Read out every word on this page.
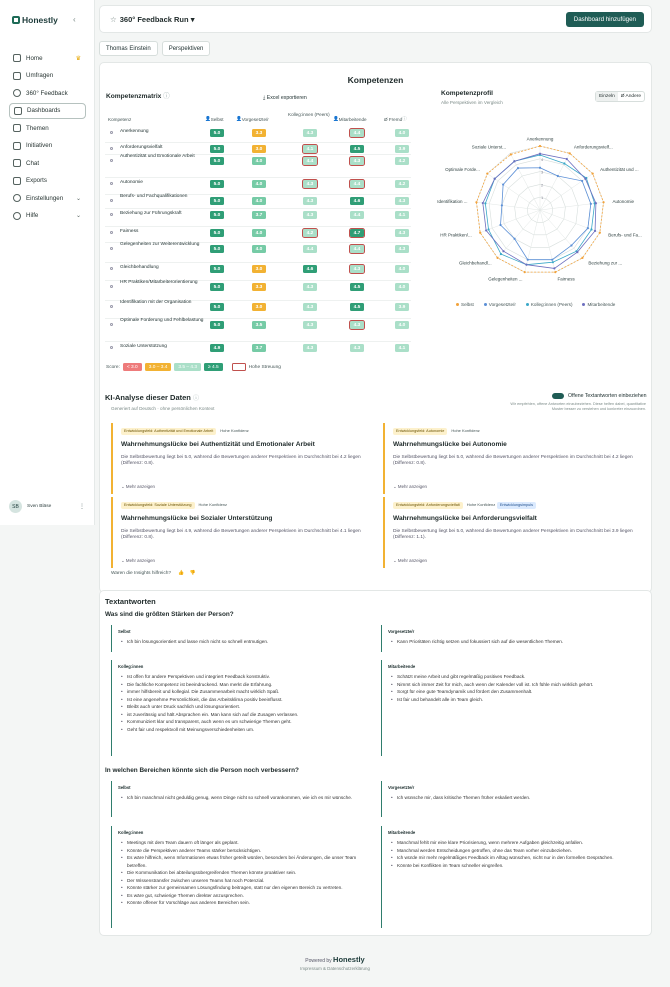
Honestly ‹
Home	♛
Umfragen
360° Feedback
Dashboards
Themen
Initiativen
Chat
Exports
Einstellungen ⌄
Hilfe	⌄
SB	Sven Bläse	⋮
☆ 360° Feedback Run ▾	Dashboard hinzufügen
Thomas Einstein	Perspektiven
Kompetenzen
Kompetenzmatrix ⓘ	⤓ Excel exportieren
Kompetenz	👤 Selbst	👤 Vorgesetzte/r
Kolleg:innen (Peers)
👤 Mitarbeitende	Ø Fremd ⓘ
Anerkennung	5.0	3.3	4.3	4.4	4.0
Anforderungsvielfalt	5.0	3.0	4.1	4.5	3.9
Authentizität und Emotionale Arbeit
5.0	4.0	4.4	4.3	4.2
Autonomie	5.0	4.0	4.3	4.4	4.2
Berufs- und Fachqualifikationen
5.0	4.0	4.3	4.6	4.3
Beziehung zur Führungskraft	5.0	3.7	4.3	4.4	4.1
Fairness	5.0	4.0	4.2	4.7	4.3
Gelegenheiten zur Weiterentwicklung
5.0	4.0	4.4	4.4	4.3
Gleichbehandlung	5.0	3.0	4.6	4.3	4.0
HR Praktiken/Mitarbeiterorientierung
5.0	3.3	4.3	4.5	4.0
Identifikation mit der Organisation
5.0	3.0	4.3	4.5	3.9
Optimale Forderung und Fehlbelastung
5.0	3.5	4.3	4.3	4.0
Soziale Unterstützung	4.9	3.7	4.3	4.3	4.1
Score:	< 3.0	3.0 – 3.4	3.5 – 4.3	≥ 4.5	Hohe Streuung
Kompetenzprofil
Alle Perspektiven im Vergleich
Einzeln	Ø Andere
1
2
3
4
Anerkennung
Anforderungsvielf...
Authentizität und ...
Autonomie
Berufs- und Fa...
Beziehung zur ...
Fairness
Gelegenheiten ...
Gleichbehandl...
HR Praktiken/...
Identifikation ...
Optimale Forde...
Soziale Unterst...
Selbst	Vorgesetzte/r	Kolleg:innen (Peers)	Mitarbeitende
KI-Analyse dieser Daten ⓘ
Generiert auf Deutsch · ohne persönlichen Kontext
Offene Textantworten einbeziehen
Wir empfehlen, offene Antworten einzubeziehen. Diese helfen dabei, quantitative Muster besser zu verstehen und konkreter einzuordnen.
Entwicklungsfeld: Authentizität und Emotionale Arbeit Hohe Konfidenz
Wahrnehmungslücke bei Authentizität und Emotionaler Arbeit
Die Selbstbewertung liegt bei 5.0, während die Bewertungen anderer Perspektiven im Durchschnitt bei 4.2 liegen (Differenz: 0.8).
⌄ Mehr anzeigen
Entwicklungsfeld: Autonomie Hohe Konfidenz
Wahrnehmungslücke bei Autonomie
Die Selbstbewertung liegt bei 5.0, während die Bewertungen anderer Perspektiven im Durchschnitt bei 4.2 liegen (Differenz: 0.8).
⌄ Mehr anzeigen
Entwicklungsfeld: Soziale Unterstützung Hohe Konfidenz
Wahrnehmungslücke bei Sozialer Unterstützung
Die Selbstbewertung liegt bei 4.9, während die Bewertungen anderer Perspektiven im Durchschnitt bei 4.1 liegen (Differenz: 0.8).
⌄ Mehr anzeigen
Entwicklungsfeld: Anforderungsvielfalt Hohe Konfidenz Entwicklungsimpuls
Wahrnehmungslücke bei Anforderungsvielfalt
Die Selbstbewertung liegt bei 5.0, während die Bewertungen anderer Perspektiven im Durchschnitt bei 3.9 liegen (Differenz: 1.1).
⌄ Mehr anzeigen
Waren die Insights hilfreich? 👍 👎
Textantworten
Was sind die größten Stärken der Person?
Selbst
• Ich bin lösungsorientiert und lasse mich nicht so schnell entmutigen.
Vorgesetzte/r
• Kann Prioritäten richtig setzen und fokussiert sich auf die wesentlichen Themen.
Kolleg:innen
• Ist offen für andere Perspektiven und integriert Feedback konstruktiv.
• Die fachliche Kompetenz ist beeindruckend. Man merkt die Erfahrung.
• immer hilfsbereit und kollegial. Die Zusammenarbeit macht wirklich Spaß.
• Ist eine angenehme Persönlichkeit, die das Arbeitsklima positiv beeinflusst.
• Bleibt auch unter Druck sachlich und lösungsorientiert.
• ist zuverlässig und hält Absprachen ein. Man kann sich auf die Zusagen verlassen.
• Kommuniziert klar und transparent, auch wenn es um schwierige Themen geht.
• Geht fair und respektvoll mit Meinungsverschiedenheiten um.
Mitarbeitende
• Schätzt meine Arbeit und gibt regelmäßig positives Feedback.
• Nimmt sich immer Zeit für mich, auch wenn der Kalender voll ist. Ich fühle mich wirklich gehört.
• Sorgt für eine gute Teamdynamik und fördert den Zusammenhalt.
• Ist fair und behandelt alle im Team gleich.
In welchen Bereichen könnte sich die Person noch verbessern?
Selbst
• Ich bin manchmal nicht geduldig genug, wenn Dinge nicht so schnell vorankommen, wie ich es mir wünsche.
Vorgesetzte/r
• Ich wünsche mir, dass kritische Themen früher eskaliert werden.
Kolleg:innen
• Meetings mit dem Team dauern oft länger als geplant.
• Könnte die Perspektiven anderer Teams stärker berücksichtigen.
• Es wäre hilfreich, wenn Informationen etwas früher geteilt würden, besonders bei Änderungen, die unser Team betreffen.
• Die Kommunikation bei abteilungsübergreifenden Themen könnte proaktiver sein.
• Der Wissenstransfer zwischen unseren Teams hat noch Potenzial.
• Könnte stärker zur gemeinsamen Lösungsfindung beitragen, statt nur den eigenen Bereich zu vertreten.
• Es wäre gut, schwierige Themen direkter anzusprechen.
• Könnte offener für Vorschläge aus anderen Bereichen sein.
Mitarbeitende
• Manchmal fehlt mir eine klare Priorisierung, wenn mehrere Aufgaben gleichzeitig anfallen.
• Manchmal werden Entscheidungen getroffen, ohne das Team vorher einzubeziehen.
• Ich würde mir mehr regelmäßiges Feedback im Alltag wünschen, nicht nur in den formellen Gesprächen.
• Könnte bei Konflikten im Team schneller eingreifen.
Powered by Honestly
Impressum & Datenschutzerklärung
